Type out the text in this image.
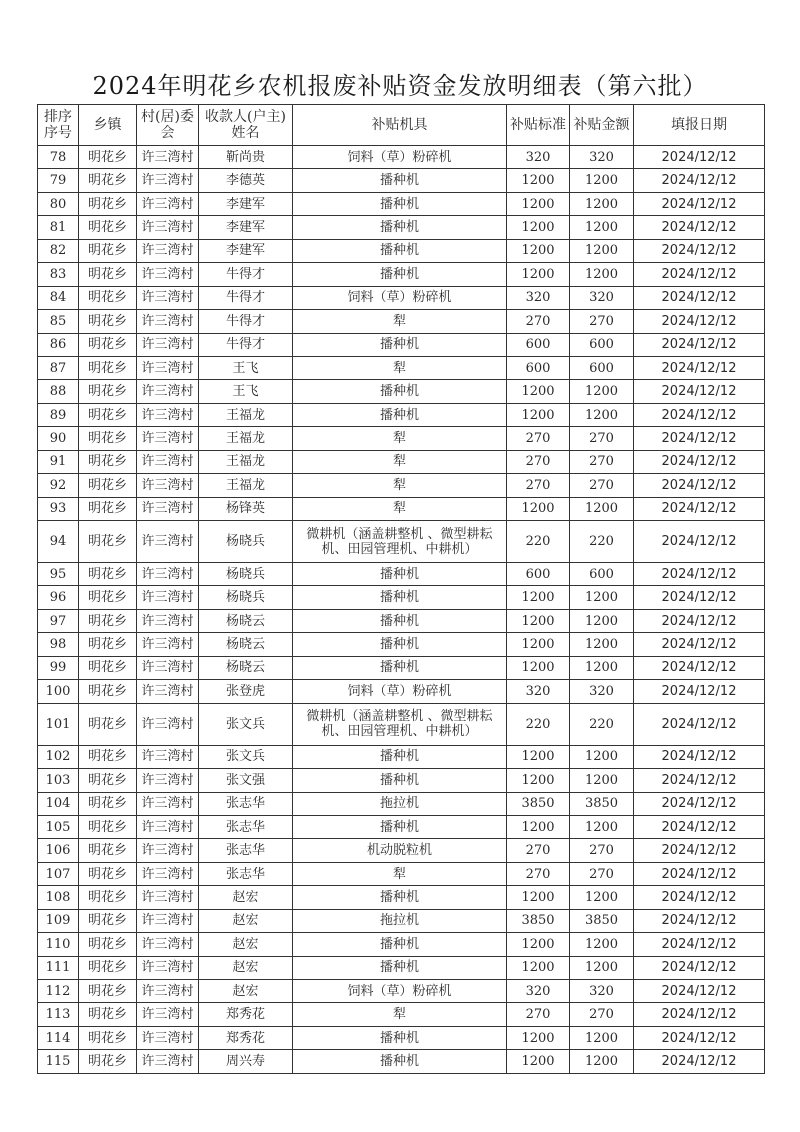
2024年明花乡农机报废补贴资金发放明细表（第六批）
排序序号	乡镇	村(居)委会	收款人(户主)姓名	补贴机具	补贴标准	补贴金额	填报日期
78	明花乡	许三湾村	靳尚贵	饲料（草）粉碎机	320	320	2024/12/12
79	明花乡	许三湾村	李德英	播种机	1200	1200	2024/12/12
80	明花乡	许三湾村	李建军	播种机	1200	1200	2024/12/12
81	明花乡	许三湾村	李建军	播种机	1200	1200	2024/12/12
82	明花乡	许三湾村	李建军	播种机	1200	1200	2024/12/12
83	明花乡	许三湾村	牛得才	播种机	1200	1200	2024/12/12
84	明花乡	许三湾村	牛得才	饲料（草）粉碎机	320	320	2024/12/12
85	明花乡	许三湾村	牛得才	犁	270	270	2024/12/12
86	明花乡	许三湾村	牛得才	播种机	600	600	2024/12/12
87	明花乡	许三湾村	王飞	犁	600	600	2024/12/12
88	明花乡	许三湾村	王飞	播种机	1200	1200	2024/12/12
89	明花乡	许三湾村	王福龙	播种机	1200	1200	2024/12/12
90	明花乡	许三湾村	王福龙	犁	270	270	2024/12/12
91	明花乡	许三湾村	王福龙	犁	270	270	2024/12/12
92	明花乡	许三湾村	王福龙	犁	270	270	2024/12/12
93	明花乡	许三湾村	杨锋英	犁	1200	1200	2024/12/12
94	明花乡	许三湾村	杨晓兵	微耕机（涵盖耕整机 、微型耕耘机、田园管理机、中耕机）	220	220	2024/12/12
95	明花乡	许三湾村	杨晓兵	播种机	600	600	2024/12/12
96	明花乡	许三湾村	杨晓兵	播种机	1200	1200	2024/12/12
97	明花乡	许三湾村	杨晓云	播种机	1200	1200	2024/12/12
98	明花乡	许三湾村	杨晓云	播种机	1200	1200	2024/12/12
99	明花乡	许三湾村	杨晓云	播种机	1200	1200	2024/12/12
100	明花乡	许三湾村	张登虎	饲料（草）粉碎机	320	320	2024/12/12
101	明花乡	许三湾村	张文兵	微耕机（涵盖耕整机 、微型耕耘机、田园管理机、中耕机）	220	220	2024/12/12
102	明花乡	许三湾村	张文兵	播种机	1200	1200	2024/12/12
103	明花乡	许三湾村	张文强	播种机	1200	1200	2024/12/12
104	明花乡	许三湾村	张志华	拖拉机	3850	3850	2024/12/12
105	明花乡	许三湾村	张志华	播种机	1200	1200	2024/12/12
106	明花乡	许三湾村	张志华	机动脱粒机	270	270	2024/12/12
107	明花乡	许三湾村	张志华	犁	270	270	2024/12/12
108	明花乡	许三湾村	赵宏	播种机	1200	1200	2024/12/12
109	明花乡	许三湾村	赵宏	拖拉机	3850	3850	2024/12/12
110	明花乡	许三湾村	赵宏	播种机	1200	1200	2024/12/12
111	明花乡	许三湾村	赵宏	播种机	1200	1200	2024/12/12
112	明花乡	许三湾村	赵宏	饲料（草）粉碎机	320	320	2024/12/12
113	明花乡	许三湾村	郑秀花	犁	270	270	2024/12/12
114	明花乡	许三湾村	郑秀花	播种机	1200	1200	2024/12/12
115	明花乡	许三湾村	周兴寿	播种机	1200	1200	2024/12/12
